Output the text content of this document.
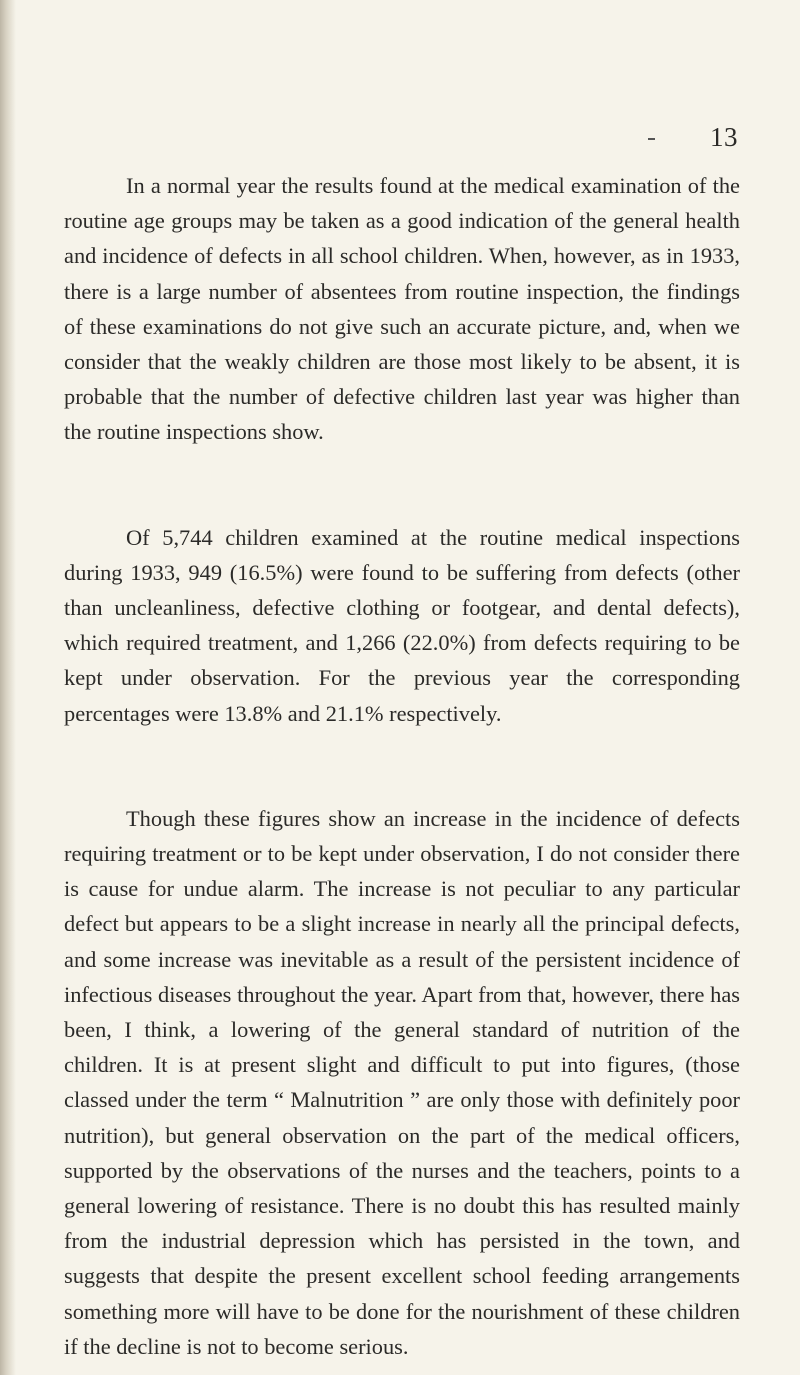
13

In a normal year the results found at the medical examination of the routine age groups may be taken as a good indication of the general health and incidence of defects in all school children. When, however, as in 1933, there is a large number of absentees from routine inspection, the findings of these examinations do not give such an accurate picture, and, when we consider that the weakly children are those most likely to be absent, it is probable that the number of defective children last year was higher than the routine inspections show.

Of 5,744 children examined at the routine medical inspections during 1933, 949 (16.5%) were found to be suffering from defects (other than uncleanliness, defective clothing or footgear, and dental defects), which required treatment, and 1,266 (22.0%) from defects requiring to be kept under observation. For the previous year the corresponding percentages were 13.8% and 21.1% respectively.

Though these figures show an increase in the incidence of defects requiring treatment or to be kept under observation, I do not consider there is cause for undue alarm. The increase is not peculiar to any particular defect but appears to be a slight increase in nearly all the principal defects, and some increase was inevitable as a result of the persistent incidence of infectious diseases throughout the year. Apart from that, however, there has been, I think, a lowering of the general standard of nutrition of the children. It is at present slight and difficult to put into figures, (those classed under the term “ Malnutrition ” are only those with definitely poor nutrition), but general observation on the part of the medical officers, supported by the observations of the nurses and the teachers, points to a general lowering of resistance. There is no doubt this has resulted mainly from the industrial depression which has persisted in the town, and suggests that despite the present excellent school feeding arrangements something more will have to be done for the nourishment of these children if the decline is not to become serious.
